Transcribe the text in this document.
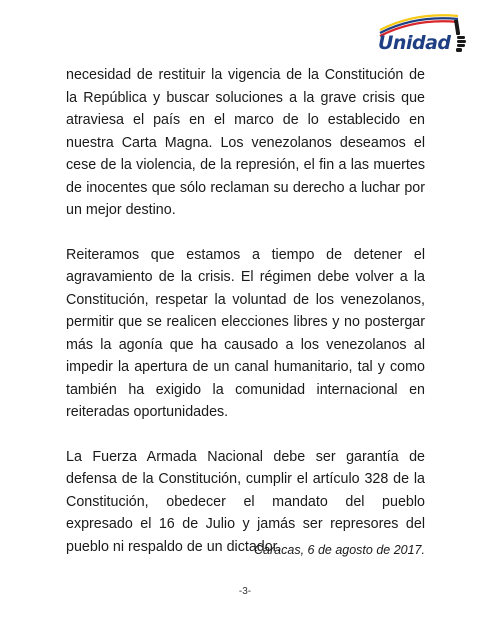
Unidad

necesidad de restituir la vigencia de la Constitución de la República y buscar soluciones a la grave crisis que atraviesa el país en el marco de lo establecido en nuestra Carta Magna. Los venezolanos deseamos el cese de la violencia, de la represión, el fin a las muertes de inocentes que sólo reclaman su derecho a luchar por un mejor destino.

Reiteramos que estamos a tiempo de detener el agravamiento de la crisis. El régimen debe volver a la Constitución, respetar la voluntad de los venezolanos, permitir que se realicen elecciones libres y no postergar más la agonía que ha causado a los venezolanos al impedir la apertura de un canal humanitario, tal y como también ha exigido la comunidad internacional en reiteradas oportunidades.

La Fuerza Armada Nacional debe ser garantía de defensa de la Constitución, cumplir el artículo 328 de la Constitución, obedecer el mandato del pueblo expresado el 16 de Julio y jamás ser represores del pueblo ni respaldo de un dictador.

Caracas, 6 de agosto de 2017.
-3-
